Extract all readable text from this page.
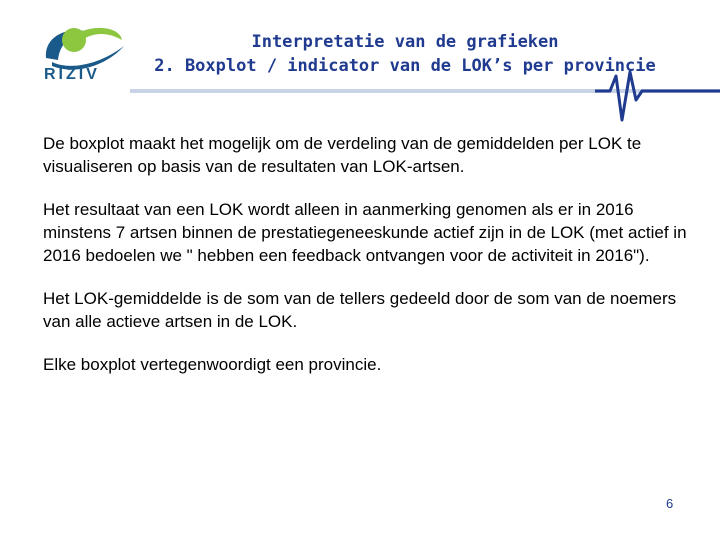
RIZIV
Interpretatie van de grafieken
2. Boxplot / indicator van de LOK’s per provincie

De boxplot maakt het mogelijk om de verdeling van de gemiddelden per LOK te visualiseren op basis van de resultaten van LOK-artsen.

Het resultaat van een LOK wordt alleen in aanmerking genomen als er in 2016 minstens 7 artsen binnen de prestatiegeneeskunde actief zijn in de LOK (met actief in 2016 bedoelen we " hebben een feedback ontvangen voor de activiteit in 2016").

Het LOK-gemiddelde is de som van de tellers gedeeld door de som van de noemers van alle actieve artsen in de LOK.

Elke boxplot vertegenwoordigt een provincie.

6
